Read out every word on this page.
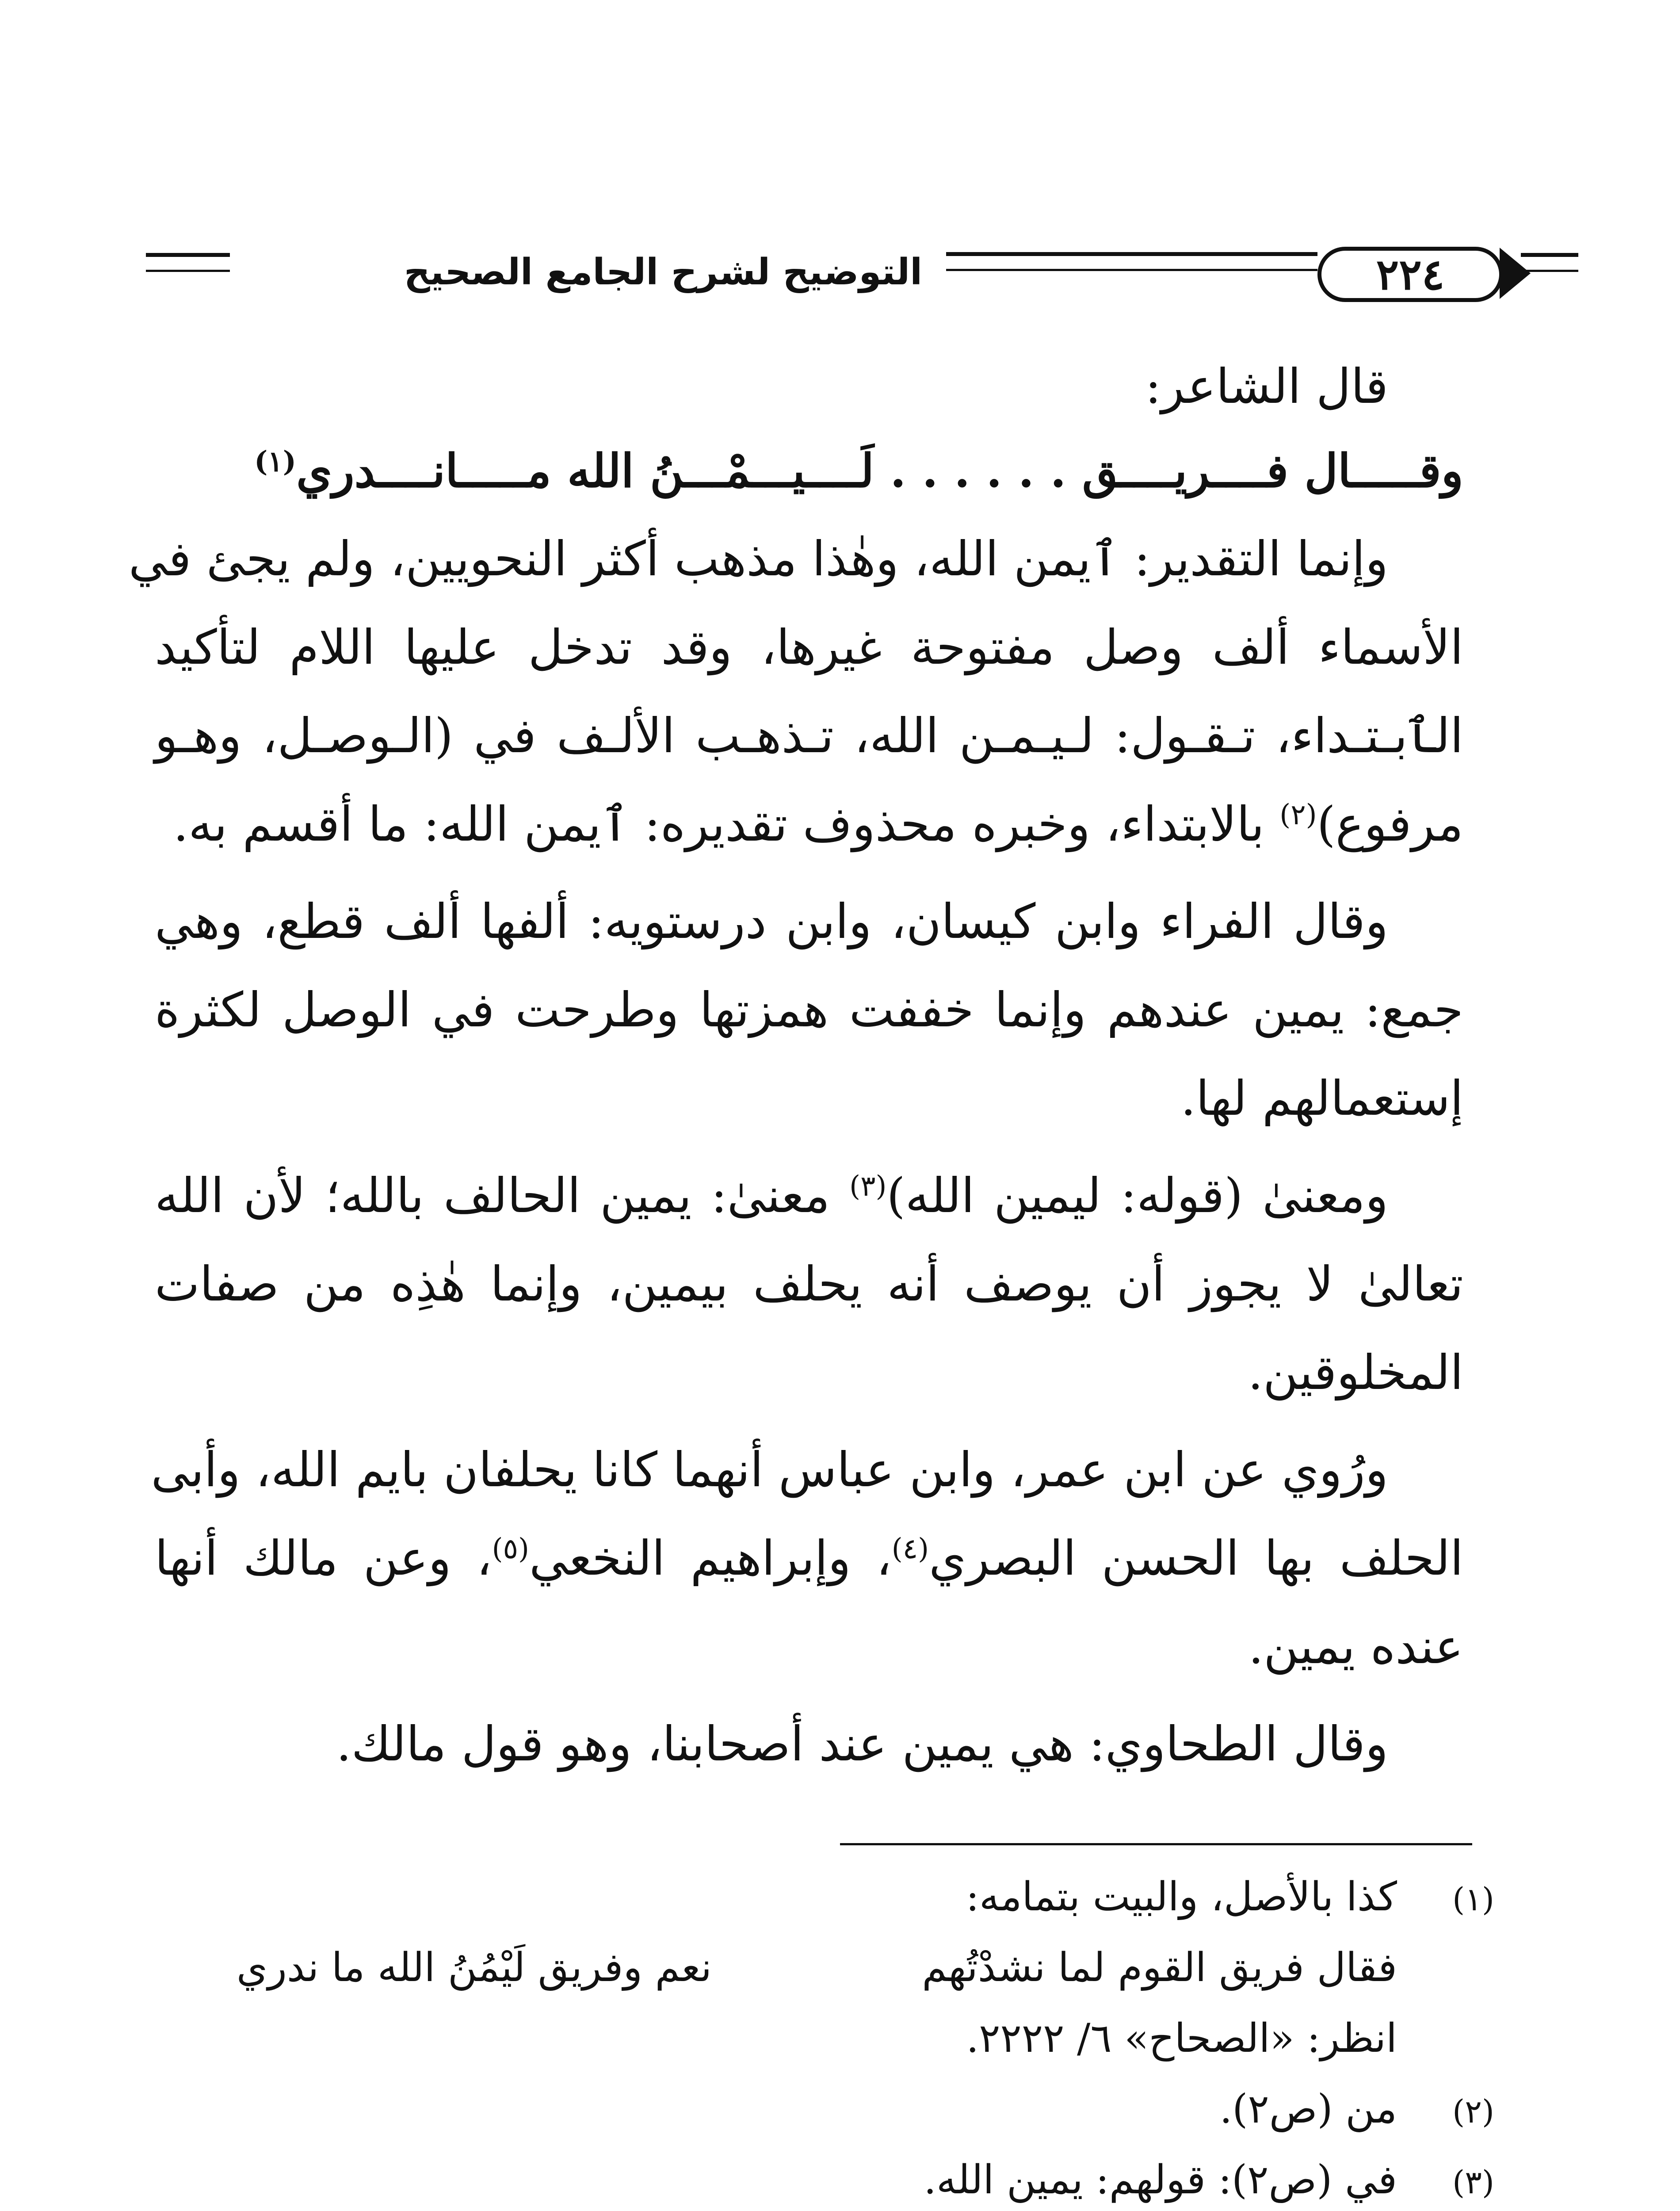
التوضيح لشرح الجامع الصحيح	٢٢٤
قال الشاعر:
وقـــــال فــــريــــق . . . . . . لَــــيـــمْـــنُ الله مـــــانــــدري$^{(١)}$
وإنما التقدير: ٱيمن الله، وهٰذا مذهب أكثر النحويين، ولم يجئ في
الأسماء ألف وصل مفتوحة غيرها، وقد تدخل عليها اللام لتأكيد
الٱبـتـداء، تـقـول: لـيـمـن الله، تـذهـب الألـف في (الـوصـل، وهـو
مرفوع)$^{(٢)}$ بالابتداء، وخبره محذوف تقديره: ٱيمن الله: ما أقسم به.
وقال الفراء وابن كيسان، وابن درستويه: ألفها ألف قطع، وهي
جمع: يمين عندهم وإنما خففت همزتها وطرحت في الوصل لكثرة
إستعمالهم لها.
ومعنىٰ (قوله: ليمين الله)$^{(٣)}$ معنىٰ: يمين الحالف بالله؛ لأن الله
تعالىٰ لا يجوز أن يوصف أنه يحلف بيمين، وإنما هٰذِه من صفات
المخلوقين.
ورُوي عن ابن عمر، وابن عباس أنهما كانا يحلفان بايم الله، وأبى
الحلف بها الحسن البصري$^{(٤)}$، وإبراهيم النخعي$^{(٥)}$، وعن مالك أنها
عنده يمين.
وقال الطحاوي: هي يمين عند أصحابنا، وهو قول مالك.
(١)كذا بالأصل، والبيت بتمامه:
فقال فريق القوم لما نشدْتُهم
نعم وفريق لَيْمُنُ الله ما ندري
انظر: «الصحاح» ٦/ ٢٢٢٢.
(٢)من (ص٢).
(٣)في (ص٢): قولهم: يمين الله.
